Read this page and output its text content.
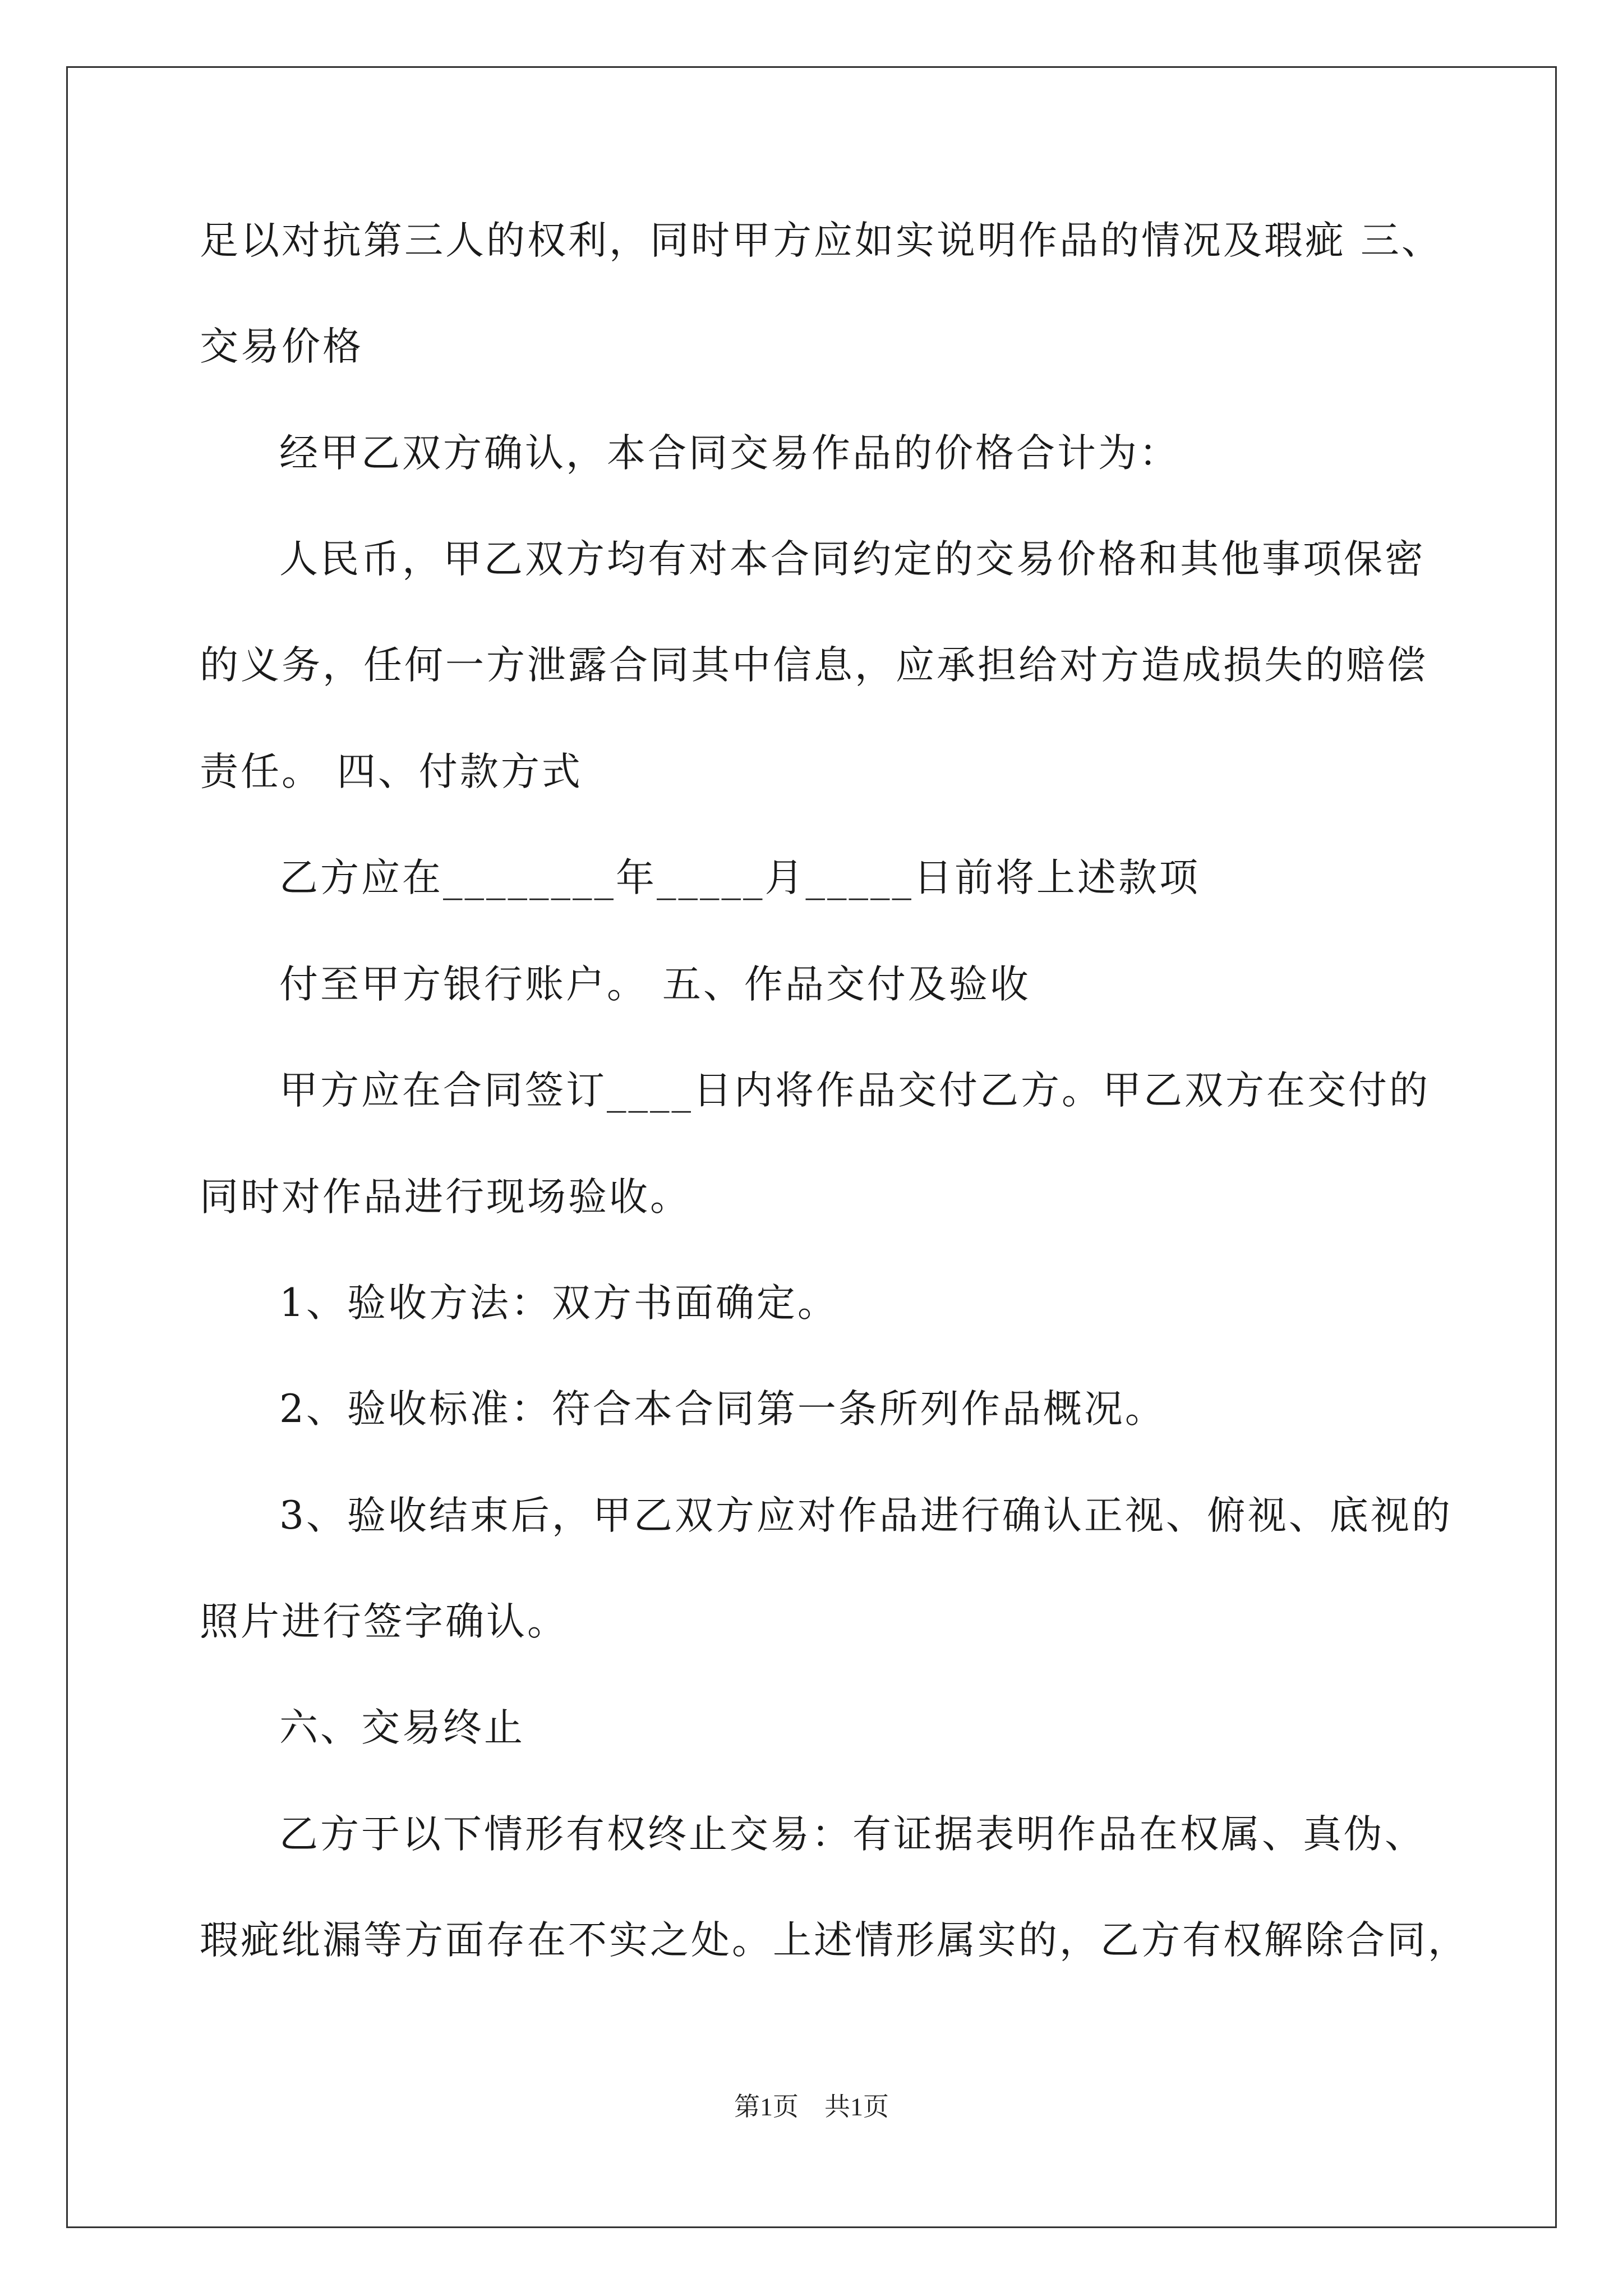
足以对抗第三人的权利，同时甲方应如实说明作品的情况及瑕疵 三、
交易价格
经甲乙双方确认，本合同交易作品的价格合计为：
人民币，甲乙双方均有对本合同约定的交易价格和其他事项保密
的义务，任何一方泄露合同其中信息，应承担给对方造成损失的赔偿
责任。 四、付款方式
乙方应在________年_____月_____日前将上述款项
付至甲方银行账户。 五、作品交付及验收
甲方应在合同签订____日内将作品交付乙方。甲乙双方在交付的
同时对作品进行现场验收。
1、验收方法：双方书面确定。
2、验收标准：符合本合同第一条所列作品概况。
3、验收结束后，甲乙双方应对作品进行确认正视、俯视、底视的
照片进行签字确认。
六、交易终止
乙方于以下情形有权终止交易：有证据表明作品在权属、真伪、
瑕疵纰漏等方面存在不实之处。上述情形属实的，乙方有权解除合同，
第1页　共1页
